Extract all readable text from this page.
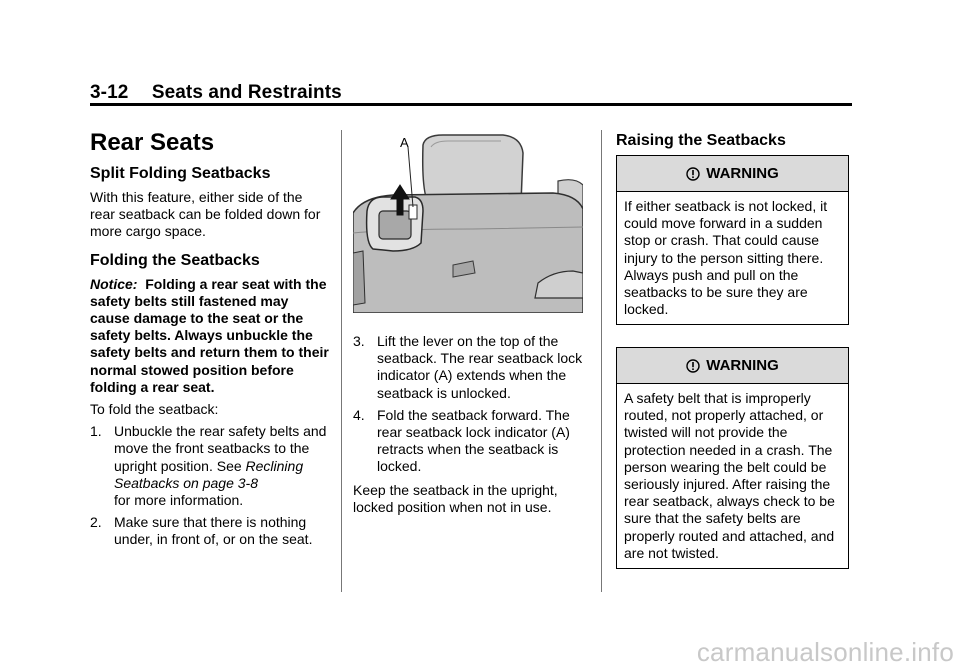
3-12 Seats and Restraints
Rear Seats
Split Folding Seatbacks

With this feature, either side of the rear seatback can be folded down for more cargo space.

Folding the Seatbacks

Notice: Folding a rear seat with the safety belts still fastened may cause damage to the seat or the safety belts. Always unbuckle the safety belts and return them to their normal stowed position before folding a rear seat.

To fold the seatback:

1. Unbuckle the rear safety belts and move the front seatbacks to the upright position. See Reclining Seatbacks on page 3-8
for more information.
2. Make sure that there is nothing under, in front of, or on the seat.
A
3. Lift the lever on the top of the seatback. The rear seatback lock indicator (A) extends when the seatback is unlocked.
4. Fold the seatback forward. The rear seatback lock indicator (A) retracts when the seatback is locked.

Keep the seatback in the upright, locked position when not in use.

Raising the Seatbacks
WARNING
If either seatback is not locked, it could move forward in a sudden stop or crash. That could cause injury to the person sitting there. Always push and pull on the seatbacks to be sure they are locked.
WARNING
A safety belt that is improperly routed, not properly attached, or twisted will not provide the protection needed in a crash. The person wearing the belt could be seriously injured. After raising the rear seatback, always check to be sure that the safety belts are properly routed and attached, and are not twisted.
carmanualsonline.info
